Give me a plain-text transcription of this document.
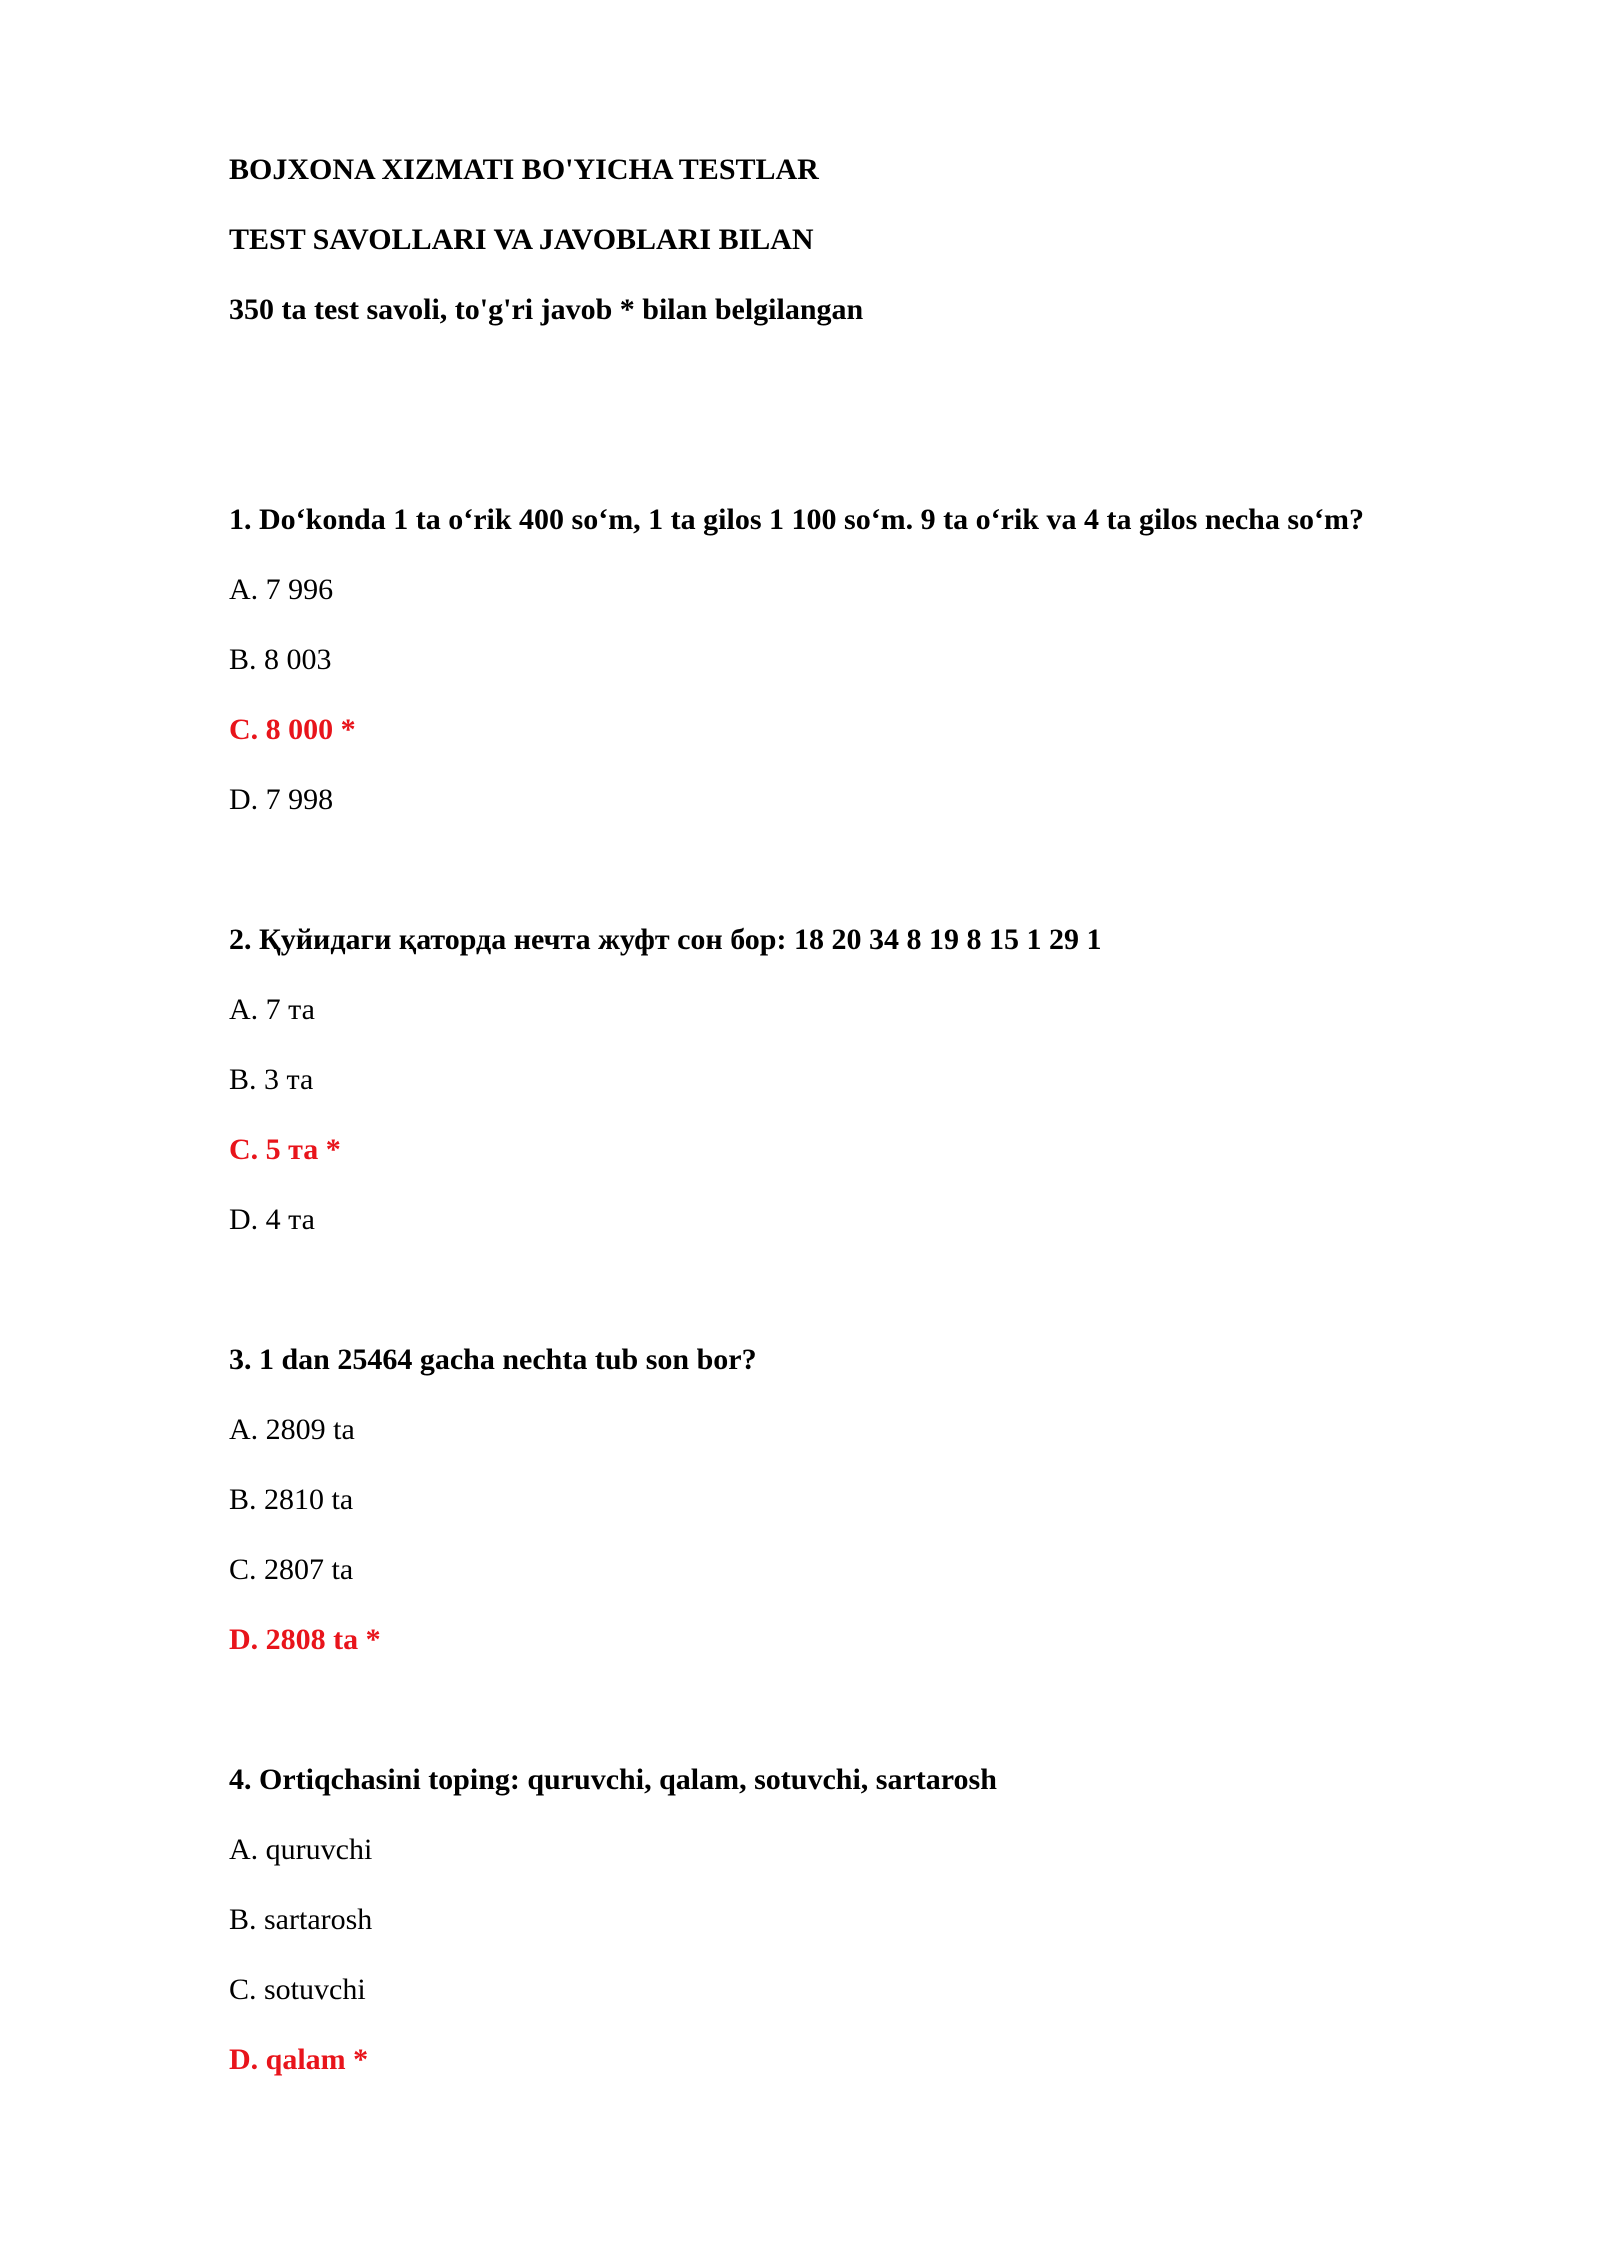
BOJXONA XIZMATI BO'YICHA TESTLAR
TEST SAVOLLARI VA JAVOBLARI BILAN
350 ta test savoli, to'g'ri javob * bilan belgilangan
1. Do‘konda 1 ta o‘rik 400 so‘m, 1 ta gilos 1 100 so‘m. 9 ta o‘rik va 4 ta gilos necha so‘m?
A. 7 996
B. 8 003
C. 8 000 *
D. 7 998
2. Қуйидаги қаторда нечта жуфт сон бор: 18 20 34 8 19 8 15 1 29 1
A. 7 та
B. 3 та
C. 5 та *
D. 4 та
3. 1 dan 25464 gacha nechta tub son bor?
A. 2809 ta
B. 2810 ta
C. 2807 ta
D. 2808 ta *
4. Ortiqchasini toping: quruvchi, qalam, sotuvchi, sartarosh
A. quruvchi
B. sartarosh
C. sotuvchi
D. qalam *
